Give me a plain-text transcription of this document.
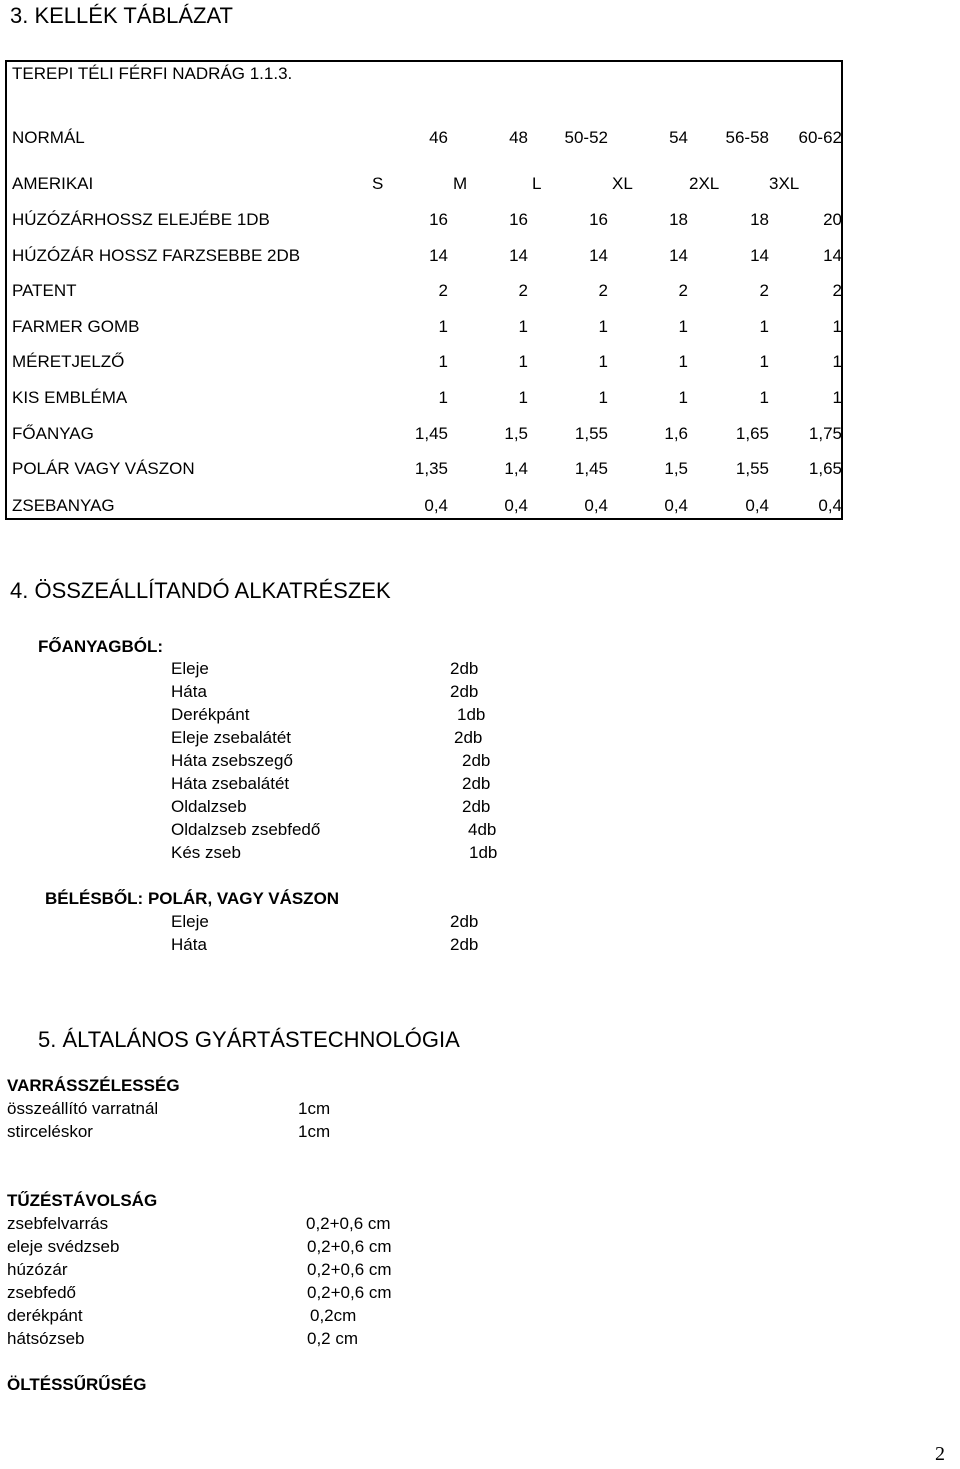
3. KELLÉK TÁBLÁZAT
TEREPI TÉLI FÉRFI NADRÁG 1.1.3.
NORMÁL	46	48	50-52	54	56-58	60-62
AMERIKAI	S	M	L	XL	2XL	3XL
HÚZÓZÁRHOSSZ ELEJÉBE 1DB	16	16	16	18	18	20
HÚZÓZÁR HOSSZ FARZSEBBE 2DB	14	14	14	14	14	14
PATENT	2	2	2	2	2	2
FARMER GOMB	1	1	1	1	1	1
MÉRETJELZŐ	1	1	1	1	1	1
KIS EMBLÉMA	1	1	1	1	1	1
FŐANYAG	1,45	1,5	1,55	1,6	1,65	1,75
POLÁR VAGY VÁSZON	1,35	1,4	1,45	1,5	1,55	1,65
ZSEBANYAG	0,4	0,4	0,4	0,4	0,4	0,4
4. ÖSSZEÁLLÍTANDÓ ALKATRÉSZEK
FŐANYAGBÓL:
Eleje	2db
Háta	2db
Derékpánt	1db
Eleje zsebalátét	2db
Háta zsebszegő	2db
Háta zsebalátét	2db
Oldalzseb	2db
Oldalzseb zsebfedő	4db
Kés zseb	1db
BÉLÉSBŐL: POLÁR, VAGY VÁSZON
Eleje	2db
Háta	2db
5. ÁLTALÁNOS GYÁRTÁSTECHNOLÓGIA
VARRÁSSZÉLESSÉG
összeállító varratnál	1cm
stirceléskor	1cm
TŰZÉSTÁVOLSÁG
zsebfelvarrás	0,2+0,6 cm
eleje svédzseb	0,2+0,6 cm
húzózár	0,2+0,6 cm
zsebfedő	0,2+0,6 cm
derékpánt	0,2cm
hátsózseb	0,2 cm
ÖLTÉSSŰRŰSÉG
2
